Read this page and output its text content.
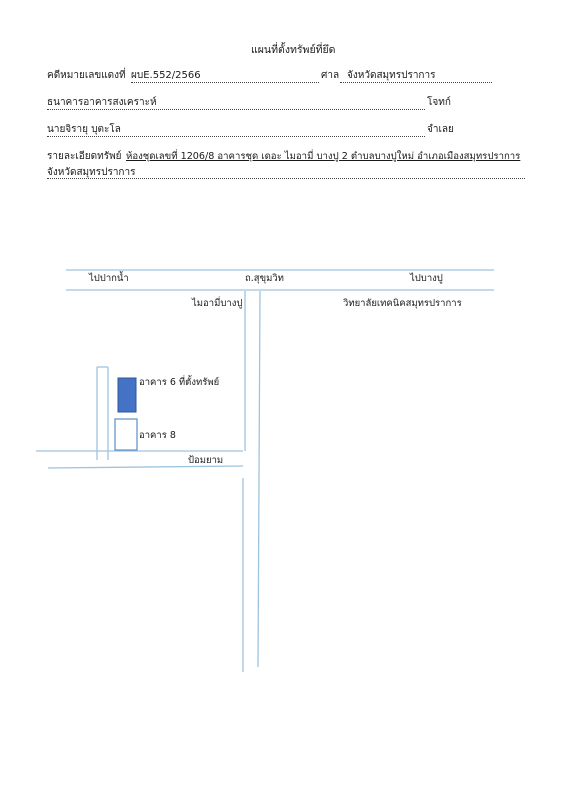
แผนที่ตั้งทรัพย์ที่ยึด
คดีหมายเลขแดงที่ ผบE.552/2566	ศาล จังหวัดสมุทรปราการ
ธนาคารอาคารสงเคราะห์	โจทก์
นายจิรายุ บุตะโล	จำเลย
รายละเอียดทรัพย์ ห้องชุดเลขที่ 1206/8 อาคารชุด เดอะ ไมอามี่ บางปู 2 ตำบลบางปูใหม่ อำเภอเมืองสมุทรปราการ
จังหวัดสมุทรปราการ
ไปปากน้ำ	ถ.สุขุมวิท	ไปบางปู
ไมอามี่บางปู	วิทยาลัยเทคนิคสมุทรปราการ
อาคาร 6 ที่ตั้งทรัพย์
อาคาร 8
ป้อมยาม
